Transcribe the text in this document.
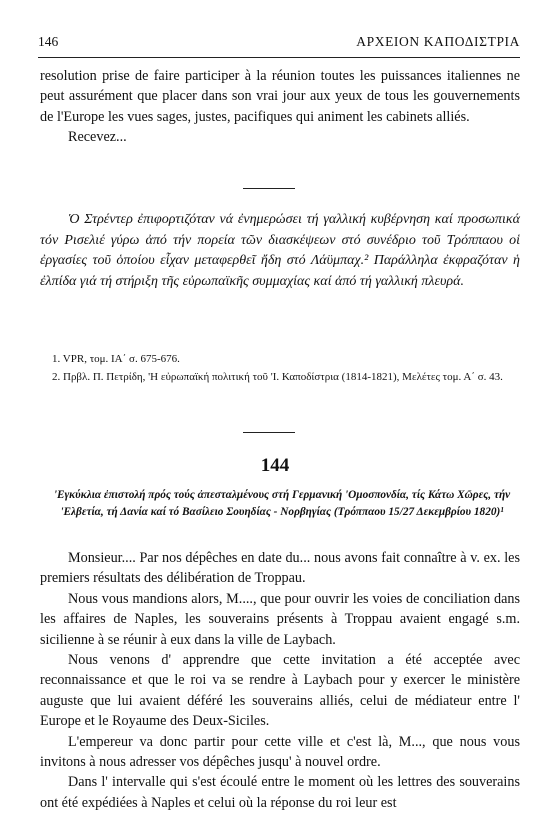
146	ΑΡΧΕΙΟΝ ΚΑΠΟΔΙΣΤΡΙΑ

resolution prise de faire participer à la réunion toutes les puissances italiennes ne peut assurément que placer dans son vrai jour aux yeux de tous les gouvernements de l'Europe les vues sages, justes, pacifiques qui animent les cabinets alliés.

Recevez...

Ὁ Στρέντερ ἐπιφορτιζόταν νά ἐνημερώσει τή γαλλική κυβέρνηση καί προσωπικά τόν Ρισελιέ γύρω ἀπό τήν πορεία τῶν διασκέψεων στό συνέδριο τοῦ Τρόππαου οἱ ἐργασίες τοῦ ὁποίου εἶχαν μεταφερθεῖ ἤδη στό Λάϋμπαχ.² Παράλληλα ἐκφραζόταν ἡ ἐλπίδα γιά τή στήριξη τῆς εὐρωπαϊκῆς συμμαχίας καί ἀπό τή γαλλική πλευρά.

1. VPR, τομ. ΙΑ΄ σ. 675-676.

2. Πρβλ. Π. Πετρίδη, 'Η εὐρωπαϊκή πολιτική τοῦ 'Ι. Καποδίστρια (1814-1821), Μελέτες τομ. Α΄ σ. 43.

144
'Εγκύκλια ἐπιστολή πρός τούς ἀπεσταλμένους στή Γερμανική 'Ομοσπονδία, τίς Κάτω Χῶρες, τήν 'Ελβετία, τή Δανία καί τό Βασίλειο Σουηδίας - Νορβηγίας (Τρόππαου 15/27 Δεκεμβρίου 1820)¹

Monsieur.... Par nos dépêches en date du... nous avons fait connaître à v. ex. les premiers résultats des délibération de Troppau.

Nous vous mandions alors, M...., que pour ouvrir les voies de conciliation dans les affaires de Naples, les souverains présents à Troppau avaient engagé s.m. sicilienne à se réunir à eux dans la ville de Laybach.

Nous venons d' apprendre que cette invitation a été acceptée avec reconnaissance et que le roi va se rendre à Laybach pour y exercer le ministère auguste que lui avaient déféré les souverains alliés, celui de médiateur entre l' Europe et le Royaume des Deux-Siciles.

L'empereur va donc partir pour cette ville et c'est là, M..., que nous vous invitons à nous adresser vos dépêches jusqu' à nouvel ordre.

Dans l' intervalle qui s'est écoulé entre le moment où les lettres des souverains ont été expédiées à Naples et celui où la réponse du roi leur est
